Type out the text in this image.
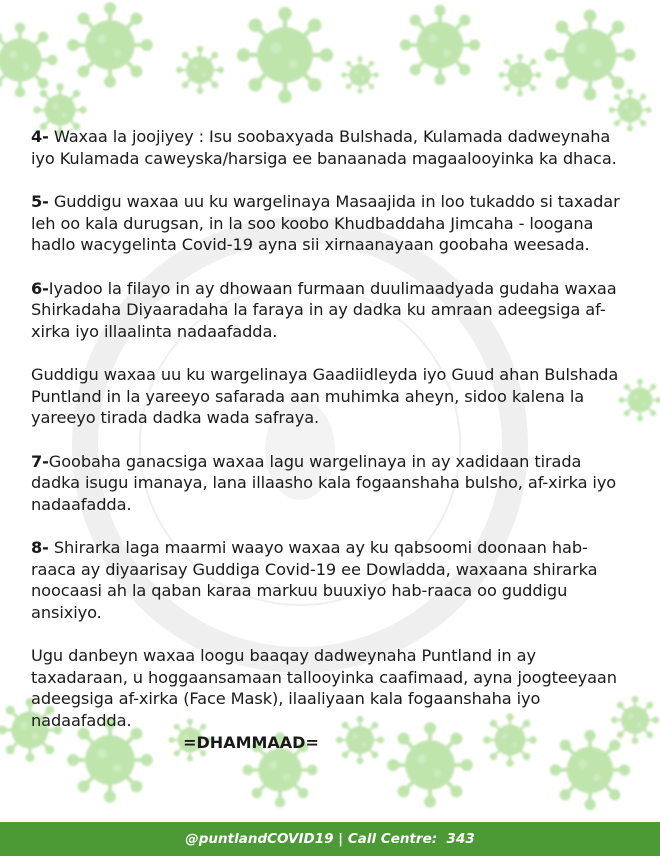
4- Waxaa la joojiyey : Isu soobaxyada Bulshada, Kulamada dadweynaha iyo Kulamada caweyska/harsiga ee banaanada magaalooyinka ka dhaca.

5- Guddigu waxaa uu ku wargelinaya Masaajida in loo tukaddo si taxadar leh oo kala durugsan, in la soo koobo Khudbaddaha Jimcaha - loogana hadlo wacygelinta Covid-19 ayna sii xirnaanayaan goobaha weesada.

6-Iyadoo la filayo in ay dhowaan furmaan duulimaadyada gudaha waxaa Shirkadaha Diyaaradaha la faraya in ay dadka ku amraan adeegsiga af-xirka iyo illaalinta nadaafadda.

Guddigu waxaa uu ku wargelinaya Gaadiidleyda iyo Guud ahan Bulshada Puntland in la yareeyo safarada aan muhimka aheyn, sidoo kalena la yareeyo tirada dadka wada safraya.

7-Goobaha ganacsiga waxaa lagu wargelinaya in ay xadidaan tirada dadka isugu imanaya, lana illaasho kala fogaanshaha bulsho, af-xirka iyo nadaafadda.

8- Shirarka laga maarmi waayo waxaa ay ku qabsoomi doonaan hab-raaca ay diyaarisay Guddiga Covid-19 ee Dowladda, waxaana shirarka noocaasi ah la qaban karaa markuu buuxiyo hab-raaca oo guddigu ansixiyo.

Ugu danbeyn waxaa loogu baaqay dadweynaha Puntland in ay taxadaraan, u hoggaansamaan tallooyinka caafimaad, ayna joogteeyaan adeegsiga af-xirka (Face Mask), ilaaliyaan kala fogaanshaha iyo nadaafadda.

=DHAMMAAD=
@puntlandCOVID19 | Call Centre:
343
